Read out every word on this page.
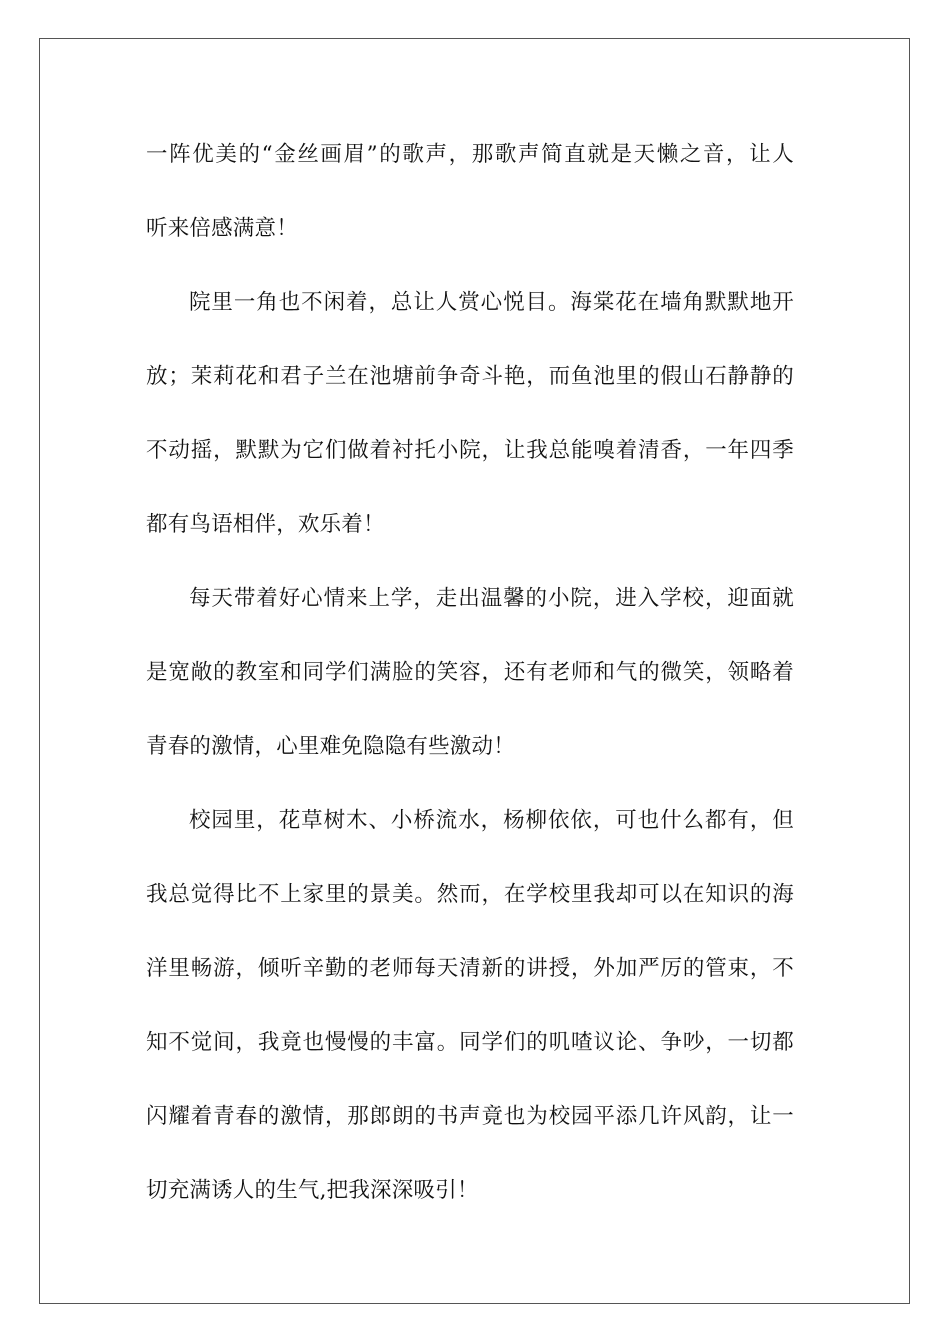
一阵优美的“金丝画眉”的歌声，那歌声简直就是天懒之音，让人
听来倍感满意！
院里一角也不闲着，总让人赏心悦目。海棠花在墙角默默地开
放；茉莉花和君子兰在池塘前争奇斗艳，而鱼池里的假山石静静的
不动摇，默默为它们做着衬托小院，让我总能嗅着清香，一年四季
都有鸟语相伴，欢乐着！
每天带着好心情来上学，走出温馨的小院，进入学校，迎面就
是宽敞的教室和同学们满脸的笑容，还有老师和气的微笑，领略着
青春的激情，心里难免隐隐有些激动！
校园里，花草树木、小桥流水，杨柳依依，可也什么都有，但
我总觉得比不上家里的景美。然而，在学校里我却可以在知识的海
洋里畅游，倾听辛勤的老师每天清新的讲授，外加严厉的管束，不
知不觉间，我竟也慢慢的丰富。同学们的叽喳议论、争吵，一切都
闪耀着青春的激情，那郎朗的书声竟也为校园平添几许风韵，让一
切充满诱人的生气,把我深深吸引！
